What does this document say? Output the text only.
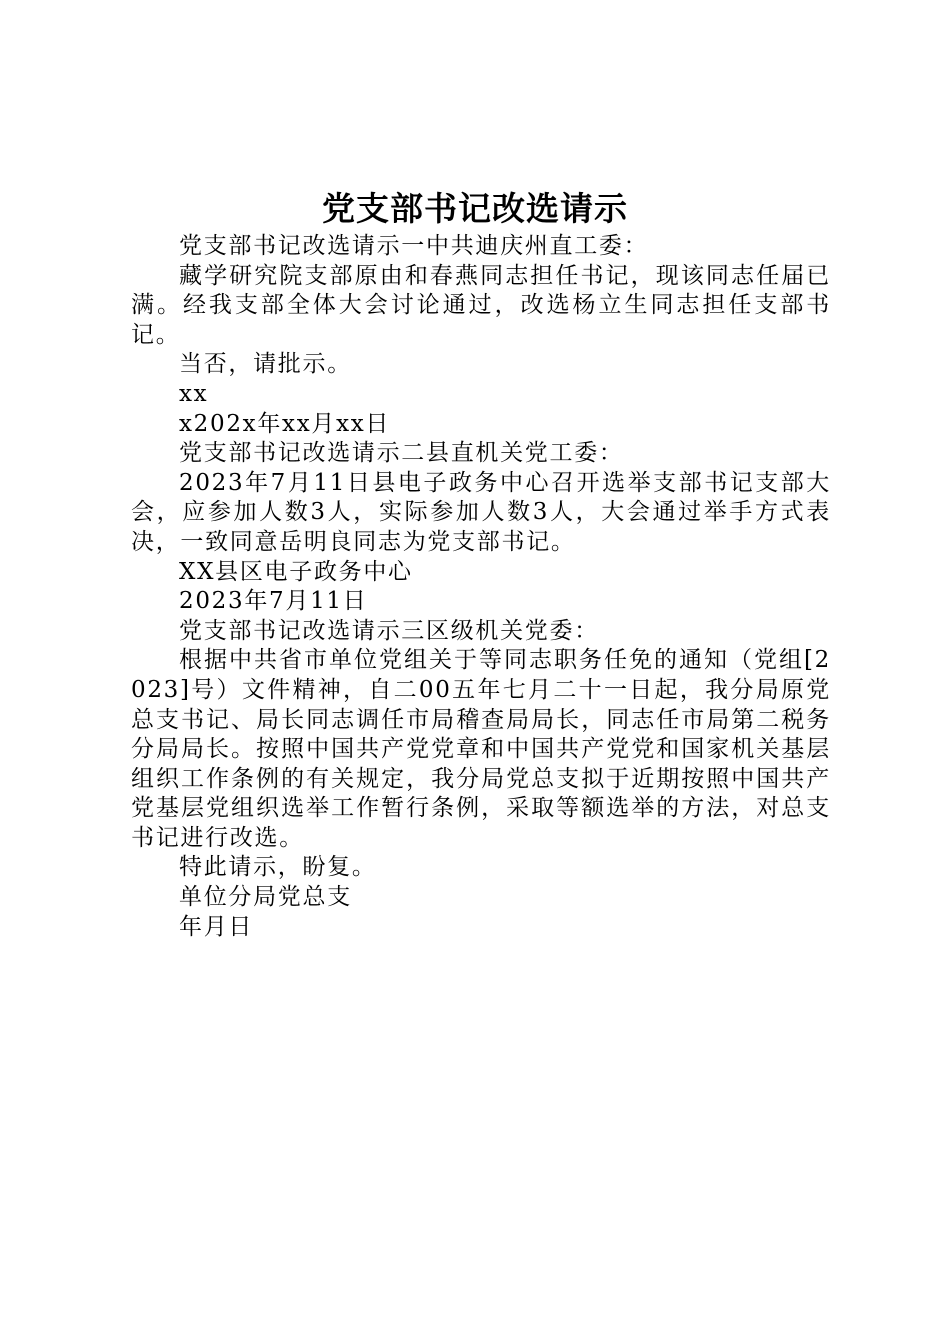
党支部书记改选请示

党支部书记改选请示一中共迪庆州直工委：

藏学研究院支部原由和春燕同志担任书记，现该同志任届已满。经我支部全体大会讨论通过，改选杨立生同志担任支部书记。

当否，请批示。

xx

x202x年xx月xx日

党支部书记改选请示二县直机关党工委：

2023年7月11日县电子政务中心召开选举支部书记支部大会，应参加人数3人，实际参加人数3人，大会通过举手方式表决，一致同意岳明良同志为党支部书记。

XX县区电子政务中心

2023年7月11日

党支部书记改选请示三区级机关党委：

根据中共省市单位党组关于等同志职务任免的通知（党组[2023]号）文件精神，自二00五年七月二十一日起，我分局原党总支书记、局长同志调任市局稽查局局长，同志任市局第二税务分局局长。按照中国共产党党章和中国共产党党和国家机关基层组织工作条例的有关规定，我分局党总支拟于近期按照中国共产党基层党组织选举工作暂行条例，采取等额选举的方法，对总支书记进行改选。

特此请示，盼复。

单位分局党总支

年月日
